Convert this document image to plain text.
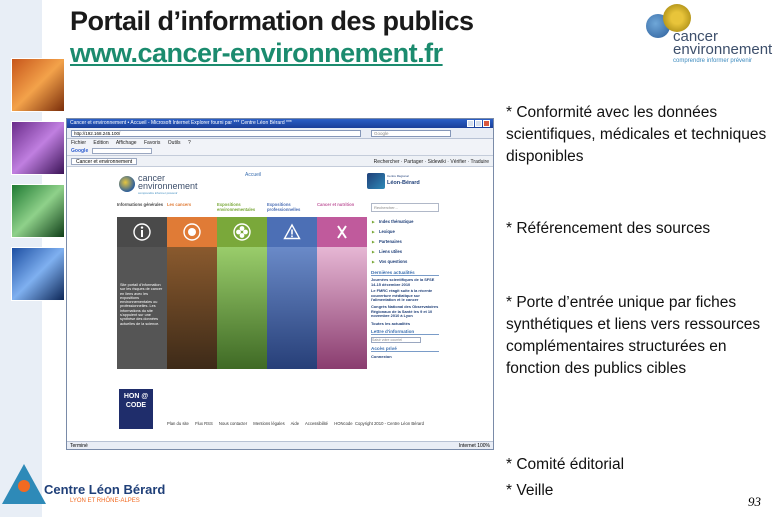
Portail d’information des publics
www.cancer-environnement.fr
cancer
environnement
comprendre informer prévenir
Cancer et environnement • Accueil - Microsoft Internet Explorer fourni par *** Centre Léon Bérard ***
http://192.168.245.100/	Google
Fichier Edition Affichage Favoris Outils ?
Google
Cancer et environnement	Rechercher · Partager · Sidewiki · Vérifier · Traduire
cancer
environnement
comprendre informer prévenir
Accueil	Centre Régional
Léon-Bérard
Informations générales Les cancers	Expositions environnementales
Expositions professionnelles
Cancer et nutrition
Site portail d'information sur les risques de cancer en liens avec les expositions environnementales ou professionnelles. Les informations du site s'appuient sur une synthèse des données actuelles de la science.
Rechercher...
▶ Index thématique
▶ Lexique
▶ Partenaires
▶ Liens utiles
▶ Vos questions
Dernières actualités
Journées scientifiques de la SFSE 14-15 décembre 2010
Le FMRC réagit suite à la récente couverture médiatique sur l'alimentation et le cancer
Congrès National des Observatoires Régionaux de la Santé les 9 et 10 novembre 2010 à Lyon
Toutes les actualités
Lettre d'information
Saisir votre courriel
Accès privé
Connexion
HON @ CODE
Plan du site Flux RSS Nous contacter Mentions légales Aide Accessibilité HONcode Copyright 2010 - Centre Léon Bérard
Terminé	Internet 100%
* Conformité avec les données scientifiques, médicales et techniques disponibles
* Référencement des sources
* Porte d’entrée unique par fiches synthétiques et liens vers ressources complémentaires structurées en fonction des publics cibles
* Comité éditorial
* Veille
Centre Léon Bérard
LYON ET RHÔNE-ALPES	93
